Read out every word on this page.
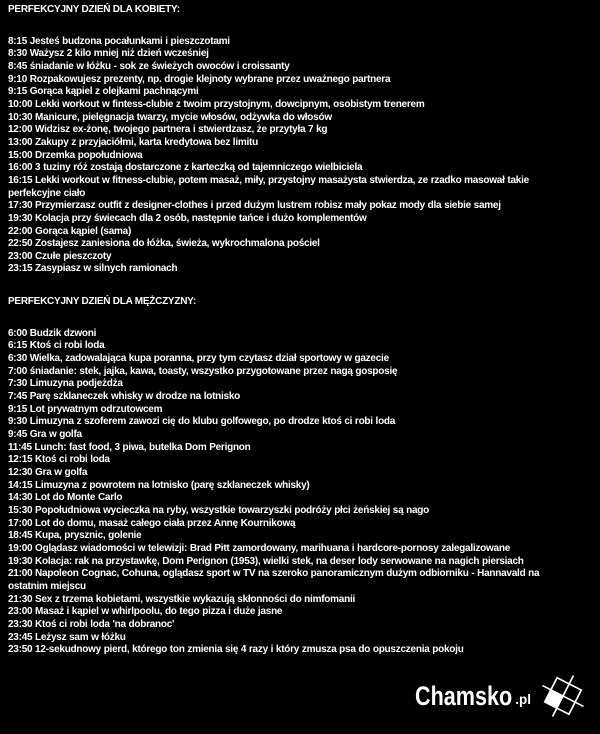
PERFEKCYJNY DZIEŃ DLA KOBIETY:
8:15 Jesteś budzona pocałunkami i pieszczotami
8:30 Ważysz 2 kilo mniej niż dzień wcześniej
8:45 śniadanie w łóżku - sok ze świeżych owoców i croissanty
9:10 Rozpakowujesz prezenty, np. drogie klejnoty wybrane przez uważnego partnera
9:15 Gorąca kąpiel z olejkami pachnącymi
10:00 Lekki workout w fintess-clubie z twoim przystojnym, dowcipnym, osobistym trenerem
10:30 Manicure, pielęgnacja twarzy, mycie włosów, odżywka do włosów
12:00 Widzisz ex-żonę, twojego partnera i stwierdzasz, że przytyła 7 kg
13:00 Zakupy z przyjaciółmi, karta kredytowa bez limitu
15:00 Drzemka popołudniowa
16:00 3 tuziny róż zostają dostarczone z karteczką od tajemniczego wielbiciela
16:15 Lekki workout w fitness-clubie, potem masaż, miły, przystojny masażysta stwierdza, ze rzadko masował takie perfekcyjne ciało
17:30 Przymierzasz outfit z designer-clothes i przed dużym lustrem robisz mały pokaz mody dla siebie samej
19:30 Kolacja przy świecach dla 2 osób, następnie tańce i dużo komplementów
22:00 Gorąca kąpiel (sama)
22:50 Zostajesz zaniesiona do łóżka, świeża, wykrochmalona pościel
23:00 Czułe pieszczoty
23:15 Zasypiasz w silnych ramionach
PERFEKCYJNY DZIEŃ DLA MĘŻCZYZNY:
6:00 Budzik dzwoni
6:15 Ktoś ci robi loda
6:30 Wielka, zadowalająca kupa poranna, przy tym czytasz dział sportowy w gazecie
7:00 śniadanie: stek, jajka, kawa, toasty, wszystko przygotowane przez nagą gosposię
7:30 Limuzyna podjeżdża
7:45 Parę szklaneczek whisky w drodze na lotnisko
9:15 Lot prywatnym odrzutowcem
9:30 Limuzyna z szoferem zawozi cię do klubu golfowego, po drodze ktoś ci robi loda
9:45 Gra w golfa
11:45 Lunch: fast food, 3 piwa, butelka Dom Perignon
12:15 Ktoś ci robi loda
12:30 Gra w golfa
14:15 Limuzyna z powrotem na lotnisko (parę szklaneczek whisky)
14:30 Lot do Monte Carlo
15:30 Popołudniowa wycieczka na ryby, wszystkie towarzyszki podróży płci żeńskiej są nago
17:00 Lot do domu, masaż całego ciała przez Annę Kournikową
18:45 Kupa, prysznic, golenie
19:00 Oglądasz wiadomości w telewizji: Brad Pitt zamordowany, marihuana i hardcore-pornosy zalegalizowane
19:30 Kolacja: rak na przystawkę, Dom Perignon (1953), wielki stek, na deser lody serwowane na nagich piersiach
21:00 Napoleon Cognac, Cohuna, oglądasz sport w TV na szeroko panoramicznym dużym odbiorniku - Hannavald na ostatnim miejscu
21:30 Sex z trzema kobietami, wszystkie wykazują skłonności do nimfomanii
23:00 Masaż i kąpiel w whirlpoolu, do tego pizza i duże jasne
23:30 Ktoś ci robi loda 'na dobranoc'
23:45 Leżysz sam w łóżku
23:50 12-sekudnowy pierd, którego ton zmienia się 4 razy i który zmusza psa do opuszczenia pokoju
Chamsko .pl
